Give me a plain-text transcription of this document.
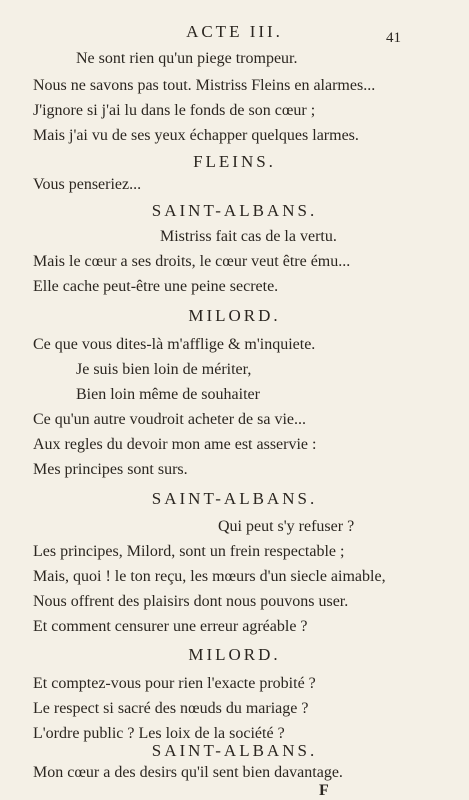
ACTE III.	41
Ne sont rien qu'un piege trompeur.
Nous ne savons pas tout. Mistriss Fleins en alarmes...
J'ignore si j'ai lu dans le fonds de son cœur ;
Mais j'ai vu de ses yeux échapper quelques larmes.
FLEINS.
Vous penseriez...
SAINT-ALBANS.
Mistriss fait cas de la vertu.
Mais le cœur a ses droits, le cœur veut être ému...
Elle cache peut-être une peine secrete.
MILORD.
Ce que vous dites-là m'afflige & m'inquiete.
Je suis bien loin de mériter,
Bien loin même de souhaiter
Ce qu'un autre voudroit acheter de sa vie...
Aux regles du devoir mon ame est asservie :
Mes principes sont surs.
SAINT-ALBANS.
Qui peut s'y refuser ?
Les principes, Milord, sont un frein respectable ;
Mais, quoi ! le ton reçu, les mœurs d'un siecle aimable,
Nous offrent des plaisirs dont nous pouvons user.
Et comment censurer une erreur agréable ?
MILORD.
Et comptez-vous pour rien l'exacte probité ?
Le respect si sacré des nœuds du mariage ?
L'ordre public ? Les loix de la société ?
SAINT-ALBANS.
Mon cœur a des desirs qu'il sent bien davantage.
F
